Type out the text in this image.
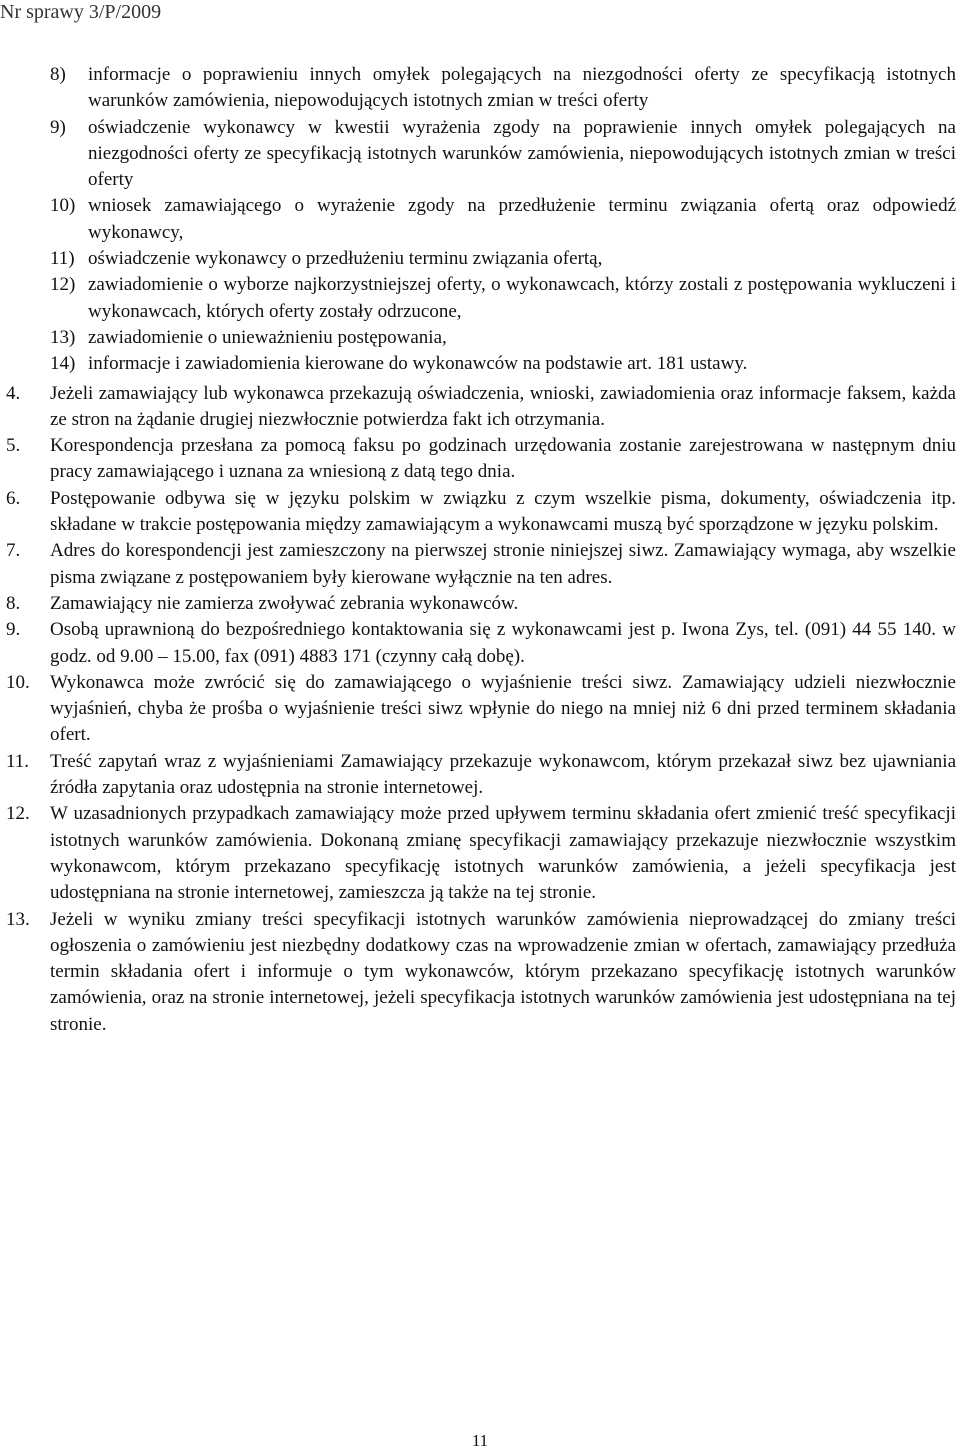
Nr sprawy 3/P/2009
8)	informacje o poprawieniu innych omyłek polegających na niezgodności oferty ze specyfikacją istotnych warunków zamówienia, niepowodujących istotnych zmian w treści oferty
9)	oświadczenie wykonawcy w kwestii wyrażenia zgody na poprawienie innych omyłek polegających na niezgodności oferty ze specyfikacją istotnych warunków zamówienia, niepowodujących istotnych zmian w treści oferty
10) wniosek zamawiającego o wyrażenie zgody na przedłużenie terminu związania ofertą oraz odpowiedź wykonawcy,
11) oświadczenie wykonawcy o przedłużeniu terminu związania ofertą,
12) zawiadomienie o wyborze najkorzystniejszej oferty, o wykonawcach, którzy zostali z postępowania wykluczeni i wykonawcach, których oferty zostały odrzucone,
13) zawiadomienie o unieważnieniu postępowania,
14) informacje i zawiadomienia kierowane do wykonawców na podstawie art. 181 ustawy.
4.	Jeżeli zamawiający lub wykonawca przekazują oświadczenia, wnioski, zawiadomienia oraz informacje faksem, każda ze stron na żądanie drugiej niezwłocznie potwierdza fakt ich otrzymania.
5.	Korespondencja przesłana za pomocą faksu po godzinach urzędowania zostanie zarejestrowana w następnym dniu pracy zamawiającego i uznana za wniesioną z datą tego dnia.
6.	Postępowanie odbywa się w języku polskim w związku z czym wszelkie pisma, dokumenty, oświadczenia itp. składane w trakcie postępowania między zamawiającym a wykonawcami muszą być sporządzone w języku polskim.
7.	Adres do korespondencji jest zamieszczony na pierwszej stronie niniejszej siwz. Zamawiający wymaga, aby wszelkie pisma związane z postępowaniem były kierowane wyłącznie na ten adres.
8.	Zamawiający nie zamierza zwoływać zebrania wykonawców.
9.	Osobą uprawnioną do bezpośredniego kontaktowania się z wykonawcami jest p. Iwona Zys, tel. (091) 44 55 140. w godz. od 9.00 – 15.00, fax (091) 4883 171 (czynny całą dobę).
10.	Wykonawca może zwrócić się do zamawiającego o wyjaśnienie treści siwz. Zamawiający udzieli niezwłocznie wyjaśnień, chyba że prośba o wyjaśnienie treści siwz wpłynie do niego na mniej niż 6 dni przed terminem składania ofert.
11.	Treść zapytań wraz z wyjaśnieniami Zamawiający przekazuje wykonawcom, którym przekazał siwz bez ujawniania źródła zapytania oraz udostępnia na stronie internetowej.
12.	W uzasadnionych przypadkach zamawiający może przed upływem terminu składania ofert zmienić treść specyfikacji istotnych warunków zamówienia. Dokonaną zmianę specyfikacji zamawiający przekazuje niezwłocznie wszystkim wykonawcom, którym przekazano specyfikację istotnych warunków zamówienia, a jeżeli specyfikacja jest udostępniana na stronie internetowej, zamieszcza ją także na tej stronie.
13.	Jeżeli w wyniku zmiany treści specyfikacji istotnych warunków zamówienia nieprowadzącej do zmiany treści ogłoszenia o zamówieniu jest niezbędny dodatkowy czas na wprowadzenie zmian w ofertach, zamawiający przedłuża termin składania ofert i informuje o tym wykonawców, którym przekazano specyfikację istotnych warunków zamówienia, oraz na stronie internetowej, jeżeli specyfikacja istotnych warunków zamówienia jest udostępniana na tej stronie.
11
